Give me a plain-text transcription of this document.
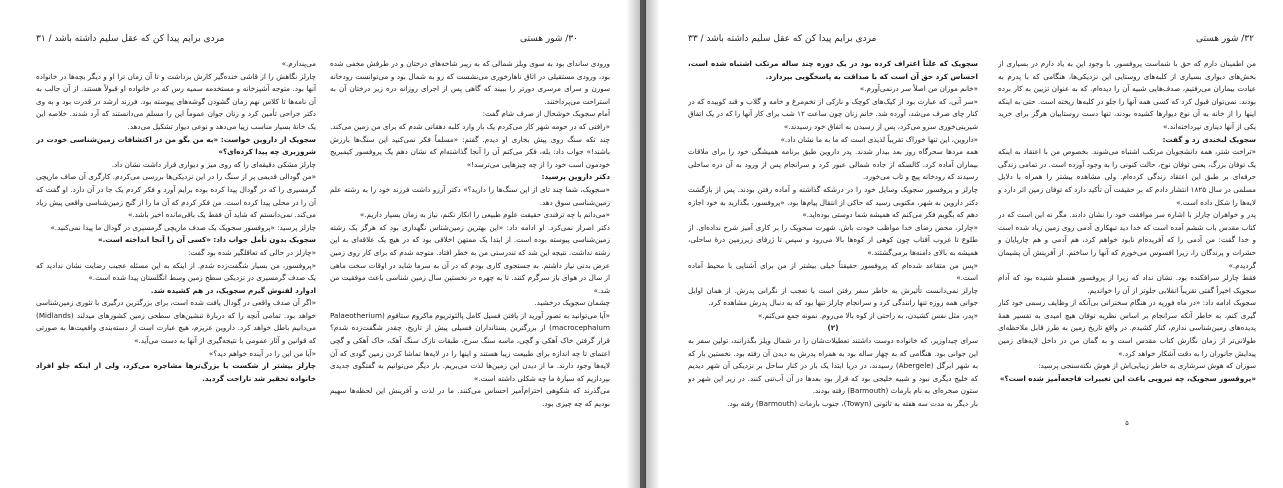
مردی برایم پیدا کن که عقل سلیم داشته باشد / ۳۱	۳۰/ شور هستی

ورودی ساندای بود به سوی ویلز شمالی که به زیبر شاخه‌های درختان و در طرفش مخفی شده بود، ورودی مستقیلی در اتاق ناهارخوری می‌نشست که رو به شمال بود و می‌توانست رودخانه‌ سورن و سرای مرسری دورتر را ببیند که گاهی پس از اجرای روزانه دره زیر درختان آن به استراحت می‌پرداختند.

آمام سجویک خوشحال از صرف شام گفت:

«رافتی که در حومه شهر کار می‌کردم یک بار وارد کلبه دهقانی شدم که برای من زمین می‌کند. چند تکه سنگ روی پیش بخاری او دیدم. گفتم: «مسلماً فکر نمی‌کنید این سنگ‌ها بارزش باشند!» جواب داد: بله، فکر می‌کنم آن را آنجا گذاشته‌ام که نشان دهم یک پروفسور کیمبریج خودمون اسب خود را از چه چیزهایی می‌ترسد!»

دکتر داروین پرسید:

«سجویک، شما چند تای از این سنگ‌ها را دارید؟» دکتر آرزو داشت فرزند خود را به رشته علم زمین‌شناسی سوق دهد.

«می‌دانم با چه ترفندی حقیقت علوم طبیعی را انکار نکنم، نیاز به زمان بسیار داریم.»

دکتر اصرار نمی‌کرد. او ادامه داد: «این بهترین زمین‌شناس نگهداری بود که هرگز یک رشته زمین‌شناسی پیوسته بوده است. از ابتدا یک ممتهن اخلاقی بود که در هیچ یک علاقه‌ای به این رشته نداشت. نتیجه این شد که تندرستی من به خطر افتاد. متوجه شدم که برای کار روی زمین عرض بدنی نیاز داشتم. به جستجوی کاری بودم که در آن به سرما شاید در اوقات سخت ماهی از سال در هوای باز سرگرم کنند. تا به چهره در نخستین سال زمین شناسی باعث موفقیت من شد.»

چشمان سجویک درخشید.

«آیا می‌توانید به تصور آورید از یافتن فسیل کامل پالئوتریوم ماکروم ستافوم (Palaeotherium macrocephalum) از بزرگترین پستانداران فسیلی پیش از تاریخ، چقدر شگفت‌زده شدم؟ قرار گرفتن خاک آهکی و گچی، ماسه سنگ سرخ، طبقات نازک سنگ آهک، خاک آهکی و گچی اعتمای تا چه اندازه برای طبیعت زیبا هستند و اینها را در لایه‌ها تماشا کردن زمین گودی که آن لایه‌ها وجود دارند. ما از دیدن این زمین‌ها لذت می‌بریم. بار دیگر می‌توانیم به گفتگوی جدیدی بپردازیم که سیارهٔ ما چه شکلی داشته است.»

می‌گذرند که شکوهی احترام‌آمیز احساس می‌کنند. ما در لذت و آفرینش این لحظه‌ها سهیم بودیم که چه چیزی بود.

می‌پندارم.»

چارلز نگاهش را از قاشی خنده‌گیر کارش برداشت و تا آن زمان ترا او و دیگر بچه‌ها در خانواده آنها بود. متوجه آشپزخانه و مستخدمه سمیه رس که در خانواده او قبولاً هستند. از آن جالب به آن نامه‌ها تا کلاس نهم زمان گشودن گوشه‌های پیوسته بود. فرزند ارشد در قدرت بود و به وی دکتر جراحی تأمین کرد و زنان جوان عموماً این را مسلم می‌دانستند که آرد شدند. خلاصه این یک خانهٔ بسیار مناسب زیبا می‌دهد و نوعی دیوار تشکیل می‌دهد.

سجویک از داروین خواست: «به من بگو من در اکتشافات زمین‌شناسی خودت در شروزبری چه پیدا کرده‌ای؟»

چارلز مشکی دقیقه‌ای را که روی میز و دیواری قرار داشت نشان داد.

«من گودالی قدیمی پر از سنگ را در این نزدیکی‌ها بررسی می‌کردم. کارگری آن صاف ماریچی گرمسیری را که در گودال پیدا کرده بوده برایم آورد و فکر کردم یک جا در آن دارد. او گفت که آن را در محلی پیدا کرده است. من فکر کردم که آن ما را از گنج زمین‌شناسی واقعی پیش زیاد می‌کند. نمی‌دانستم که شاید آن فقط یک باقی‌مانده اخیر باشد.»

چارلز پرسید: «پروفسور سجویک یک صدف ماریچی گرمسیری در گودال ما پیدا نمی‌کنید.»

سجویک بدون تأمل جواب داد: «کسی آن را آنجا انداخته است.»

«چارلز در حالی که تعاقلگیر شده بود گفت:

«پروفسور، من بسیار شگفت‌زده شدم. از اینکه به این مسئله عجیب رضایت نشان ندادید که یک صدف گرمسیری در نزدیکی سطح زمین وسط انگلستان پیدا شده است.»

ادوارد لفنوش گیرم سجویک، در هم کشیده شد.

«اگر آن صدف واقعی در گودال یافت شده است، برای بزرگترین درگیری با تئوری زمین‌شناسی خواهد بود. تمامی آنچه را که دربارهٔ تنشین‌های سطحی زمین کشورهای میدلند (Midlands) می‌دانیم باطل خواهد کرد. داروین عزیزم، هیچ عبارت است از دسته‌بندی واقعیت‌ها به صورتی که قوانین و آثار عمومی با نتیجه‌گیری از آنها به دست می‌آید.»

«آیا من این را در آینده خواهم دید؟»

چارلز بیشتر از شکست با بزرگ‌ترها مشاجره می‌کرد، ولی از اینکه جلو افراد خانواده تحقیر شد ناراحت گردید.

مردی برایم پیدا کن که عقل سلیم داشته باشد / ۳۳	۳۲/ شور هستی

من اطمینان دارم که حق با شماست پروفسور. با وجود این به یاد دارم در بسیاری از بخش‌های دیواری بسیاری از کلبه‌های روستایی این نزدیکی‌ها، هنگامی که با پدرم به عیادت بیماران می‌رفتیم، صدف‌هایی شبیه آن را دیده‌ام. که به عنوان تزیین به کار برده بودند. نمی‌توان قبول کرد که کسی همه آنها را جلو در کلبه‌ها ریخته است. حتی به اینکه اینها را از خانه به آن نوع دیوارها کشیده بودند، تنها دست روستاییان هرگز برای خرید یکی از آنها دیناری نپرداخته‌اند.»

سجویک لبخندی زد و گفت:

«تراخت شتر، همه دانشجویان مرتکب اشتباه می‌شوند. بخصوص من با اعتقاد به اینکه یک توفان بزرگ، یعنی توفان نوح، حالت کنونی را به وجود آورده است. در تمامی زندگی حرفه‌ای بر طبق این اعتقاد زندگی کرده‌ام. ولی مشاهده بیشتر را همراه با دلایل مسلمی در سال ۱۸۲۵ انتشار دادم که بر حقیقت آن تأکید دارد که توفان زمین اثر دارد و لایه‌ها را شکل داده است.»

پدر و خواهران چارلز با اشاره سر موافقت خود را نشان دادند. مگر نه این است که در کتاب مقدس باب ششم آمده است که خدا دید تبهکاری آدمی روی زمین زیاد شده است و خدا گفت: من آدمی را که آفریده‌ام نابود خواهم کرد، هم آدمی و هم چارپایان و حشرات و پرندگان را، زیرا افسوس می‌خورم که آنها را ساختم. از آفرینش آن پشیمان گردیدم.»

فقط چارلز سرافکنده بود. نشان نداد که زیرا از پروفسور هنسلو شنیده بود که آدام سجویک اخیراً گفتی تقریباً انقلابی جلوتر از آن را خواندیم.

سجویک ادامه داد: «در ماه فوریه در هنگام سخنرانی بی‌آنکه از وظایف رسمی خود کنار گیری کنم، به خاطر آنکه سرانجام بر اساس نظریه توفان هیچ امیدی به تفسیر همهٔ پدیده‌های زمین‌شناسی ندارم، کنار کشیدم. در واقع تاریخ زمین به طرز قابل ملاحظه‌ای طولانی‌تر از زمان نگارش کتاب مقدس است و به گمان من در داخل لایه‌های زمین پیدایش جانوران را به دقت آشکار خواهد کرد.»

سوزان که هوش سرشاری به خاطر زیبایی‌اش از هوش نکته‌سنجی پرسید:

«پروفسور سجویک، چه تیرویی باعث این تغییرات فاجعه‌آمیز شده است؟»

سجویک که علناً اعتراف کرده بود در یک دوره چند ساله مرتکب اشتباه شده است، احساس کرد حق آن است که با صداقت به پاسخگویی بپردازد.

«خانم موزان من اصلاً سر درنمی‌آورم.»

«سر آنی، که عبارت بود از کیک‌های کوچک و نازکی از تخم‌مرغ و خامه و گلاب و قند کوبیده که در کنار چای صرف می‌شد، آورده شد. خانم زنان چون ساعت ۱۲ شب برای کار آنها را که در یک اتفاق شیرینی‌خوری سرو می‌کرد، پس از رسیدن به اتفاق خود رسیدند.»

«داروین، این تنها خوراک تقریباً لذیذی است که ما به ما نشان داد.»

همه مردها سحرگاه روز بعد بیدار شدند. پدر داروین طبق برنامه همیشگی خود را برای ملاقات بیماران آماده کرد. کالسکه از جاده شمالی عبور کرد و سرانجام پس از ورود به آن دره ساحلی رسیدند که رودخانه پیچ و تاب می‌خورد.

چارلز و پروفسور سجویک وسایل خود را در درشکه گذاشته و آماده رفتن بودند. پس از بازگشت دکتر داروین به شهر، مکتوبی رسید که حاکی از انتقال پیام‌ها بود. «پروفسور، بگذارید به خود اجازه دهم که بگویم فکر می‌کنم که همیشه شما دوستی بوده‌اید.»

«چارلز، محض رضای خدا مواظب خودت باش. شهرت سجویک را بر کاری آمیز شرح نداده‌ای. از طلوع تا غروب آفتاب چون کوهی از کوه‌ها بالا می‌رود و سپس تا ژرفای زیرزمین درهٔ ساحلی، همیشه به بالای دامنه‌ها برمی‌گشتند.»

«پس من متقاعد شده‌ام که پروفسور حقیقتاً خیلی بیشتر از من برای آشنایی با محیط آماده است.»

چارلز نمی‌دانست تأثیرش به خاطر سفر رفتن است یا تعجب از نگرانی پدرش. از همان اوایل جوانی همه روزه تنها رانندگی کرد و سرانجام چارلز تنها بود که به دنبال پدرش مشاهده کرد.

«پدر، مثل نفس کشیدن، به راحتی از کوه بالا می‌روم. نمونه جمع می‌کنم.»

(۲)

سرای چیداوزیر، که خانواده دوست داشتند تعطیلات‌شان را در شمال ویلز بگذرانند، تولین سفر به این جوانی بود. هنگامی که به چهار ساله بود به همراه پدرش به دیدن آن رفته بود. نخستین بار که به شهر ابرگل (Abergele) رسیدند، در دریا ابتدا یک بار در کنار ساحل بر نزدیکی آن شهر دیدیم که خلیج دیگری نبود و شبیه خلیجی بود که قرار بود بعدها در آن آب‌تنی کنند. در زیر این شهر دو ستون صخره‌ای به نام بارماث (Barmouth) رفته بودند.

بار دیگر به مدت سه هفته به تائونی (Towyn)، جنوب بارماث (Barmouth) رفته بود.

۵
